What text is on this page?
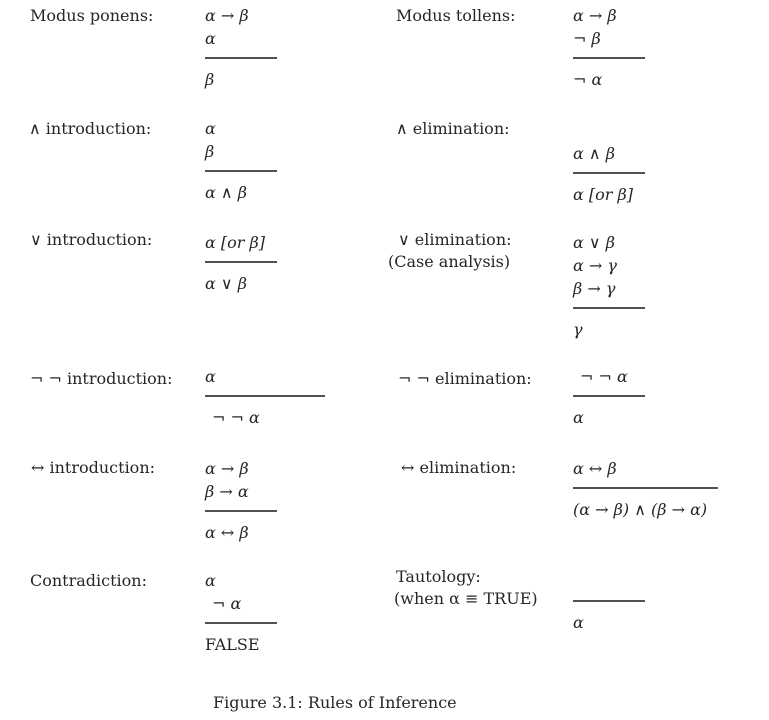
Modus ponens:	α → β
α
β
Modus tollens:	α → β
¬ β
¬ α
∧ introduction:	α
β
α ∧ β
∧ elimination:
α ∧ β
α [or β]
∨ introduction:	α [or β]
α ∨ β
∨ elimination:
(Case analysis)
α ∨ β
α → γ
β → γ
γ
¬ ¬ introduction: α
¬ ¬ α
¬ ¬ elimination:	¬ ¬ α
α
↔ introduction:	α → β
β → α
α ↔ β
↔ elimination:	α ↔ β
(α → β) ∧ (β → α)
Contradiction:	α
¬ α
FALSE
Tautology:
(when α ≡ TRUE)
α
Figure 3.1: Rules of Inference
